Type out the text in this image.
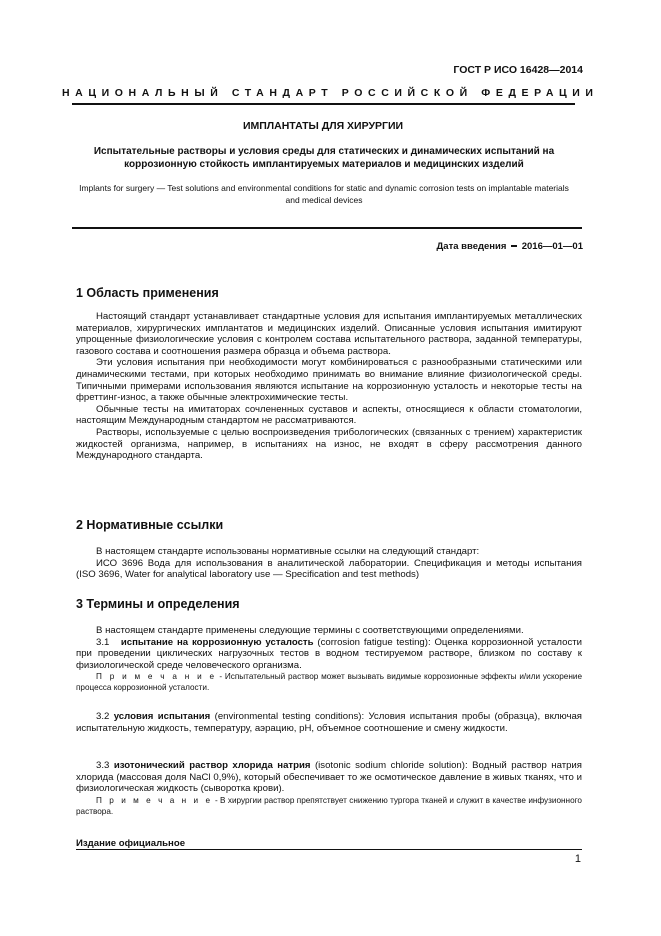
ГОСТ Р ИСО 16428—2014
НАЦИОНАЛЬНЫЙ СТАНДАРТ РОССИЙСКОЙ ФЕДЕРАЦИИ
ИМПЛАНТАТЫ ДЛЯ ХИРУРГИИ
Испытательные растворы и условия среды для статических и динамических испытаний на коррозионную стойкость имплантируемых материалов и медицинских изделий
Implants for surgery — Test solutions and environmental conditions for static and dynamic corrosion tests on implantable materials and medical devices
Дата введения 2016—01—01
1 Область применения

Настоящий стандарт устанавливает стандартные условия для испытания имплантируемых металлических материалов, хирургических имплантатов и медицинских изделий. Описанные условия испытания имитируют упрощенные физиологические условия с контролем состава испытательного раствора, заданной температуры, газового состава и соотношения размера образца и объема раствора.

Эти условия испытания при необходимости могут комбинироваться с разнообразными статическими или динамическими тестами, при которых необходимо принимать во внимание влияние физиологической среды. Типичными примерами использования являются испытание на коррозионную усталость и некоторые тесты на фреттинг-износ, а также обычные электрохимические тесты.

Обычные тесты на имитаторах сочлененных суставов и аспекты, относящиеся к области стоматологии, настоящим Международным стандартом не рассматриваются.

Растворы, используемые с целью воспроизведения трибологических (связанных с трением) характеристик жидкостей организма, например, в испытаниях на износ, не входят в сферу рассмотрения данного Международного стандарта.

2 Нормативные ссылки

В настоящем стандарте использованы нормативные ссылки на следующий стандарт:

ИСО 3696 Вода для использования в аналитической лаборатории. Спецификация и методы испытания (ISO 3696, Water for analytical laboratory use — Specification and test methods)

3 Термины и определения

В настоящем стандарте применены следующие термины с соответствующими определениями.

3.1 испытание на коррозионную усталость (corrosion fatigue testing): Оценка коррозионной усталости при проведении циклических нагрузочных тестов в водном тестируемом растворе, близком по составу к физиологической среде человеческого организма.

П р и м е ч а н и е - Испытательный раствор может вызывать видимые коррозионные эффекты и/или ускорение процесса коррозионной усталости.

3.2 условия испытания (environmental testing conditions): Условия испытания пробы (образца), включая испытательную жидкость, температуру, аэрацию, pH, объемное соотношение и смену жидкости.

3.3 изотонический раствор хлорида натрия (isotonic sodium chloride solution): Водный раствор натрия хлорида (массовая доля NaCl 0,9%), который обеспечивает то же осмотическое давление в живых тканях, что и физиологическая жидкость (сыворотка крови).

П р и м е ч а н и е - В хирургии раствор препятствует снижению тургора тканей и служит в качестве инфузионного раствора.

Издание официальное
1
